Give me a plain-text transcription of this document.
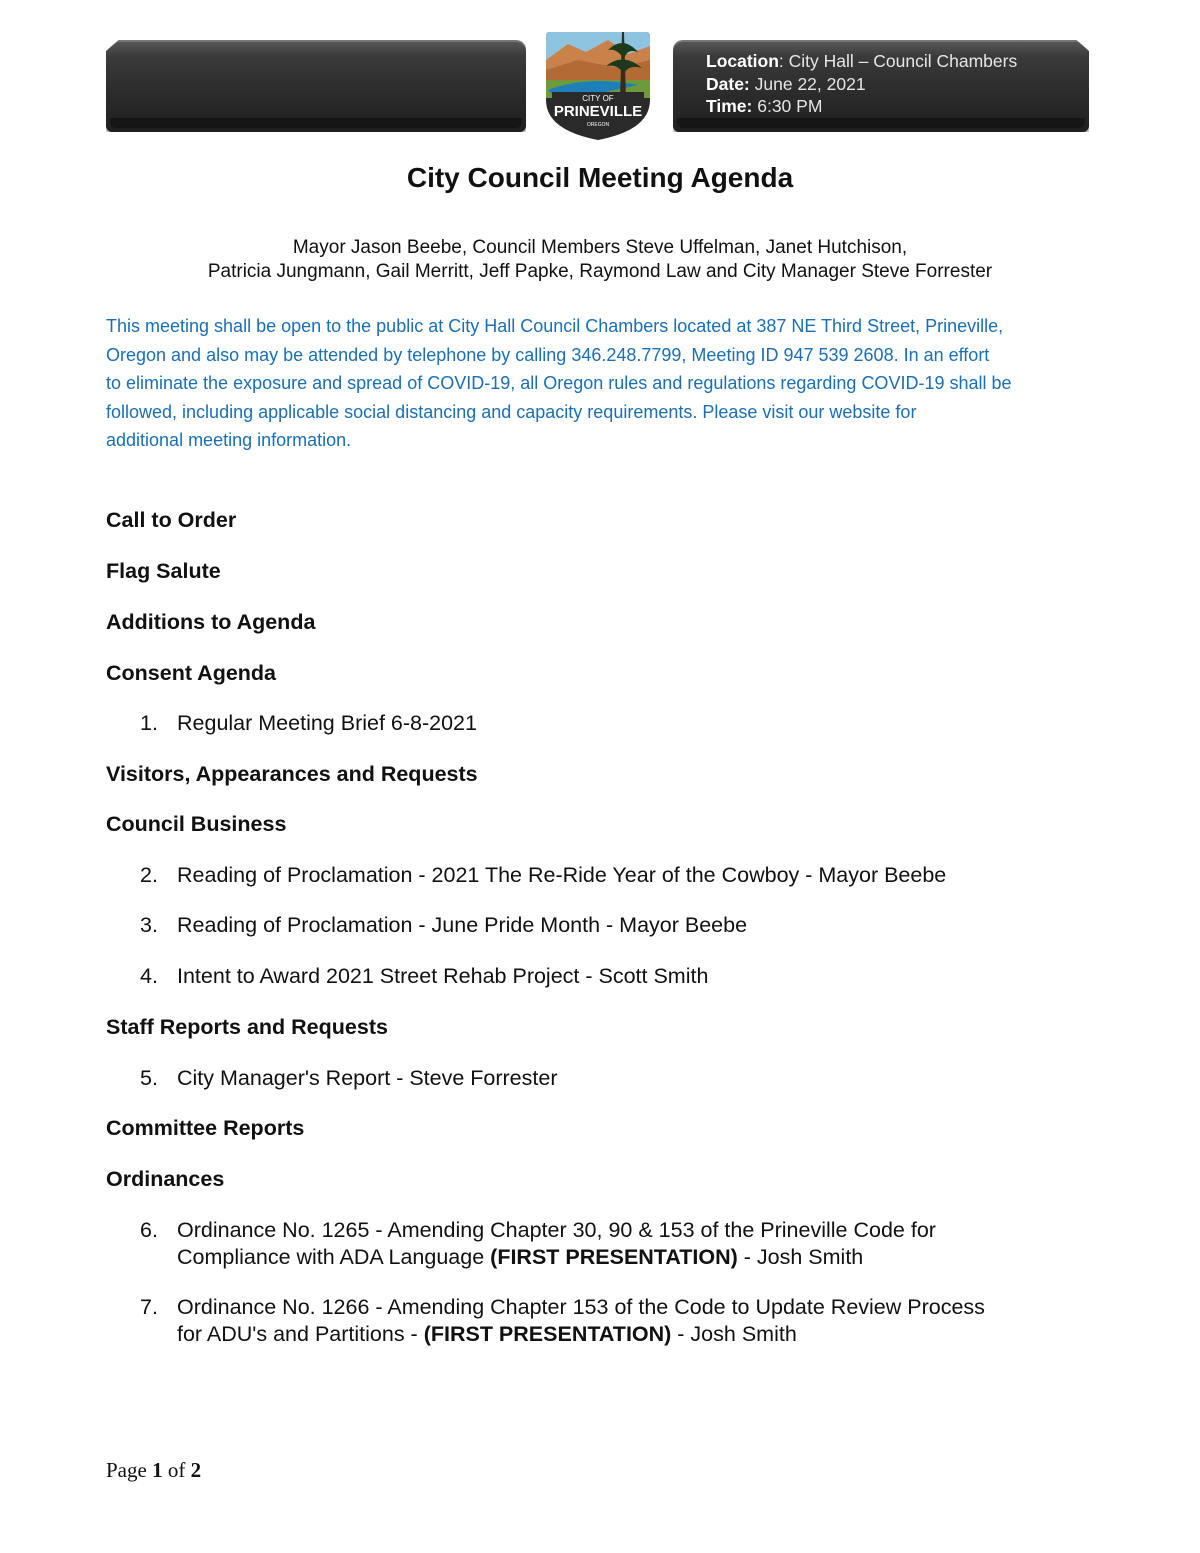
Location: City Hall – Council Chambers
Date: June 22, 2021
Time: 6:30 PM
CITY OF
PRINEVILLE
OREGON
City Council Meeting Agenda
Mayor Jason Beebe, Council Members Steve Uffelman, Janet Hutchison,
Patricia Jungmann, Gail Merritt, Jeff Papke, Raymond Law and City Manager Steve Forrester
This meeting shall be open to the public at City Hall Council Chambers located at 387 NE Third Street, Prineville,
Oregon and also may be attended by telephone by calling 346.248.7799, Meeting ID 947 539 2608. In an effort
to eliminate the exposure and spread of COVID-19, all Oregon rules and regulations regarding COVID-19 shall be
followed, including applicable social distancing and capacity requirements. Please visit our website for
additional meeting information.
Call to Order
Flag Salute
Additions to Agenda
Consent Agenda
1. Regular Meeting Brief 6-8-2021
Visitors, Appearances and Requests
Council Business
2. Reading of Proclamation - 2021 The Re-Ride Year of the Cowboy - Mayor Beebe
3. Reading of Proclamation - June Pride Month - Mayor Beebe
4. Intent to Award 2021 Street Rehab Project - Scott Smith
Staff Reports and Requests
5. City Manager's Report - Steve Forrester
Committee Reports
Ordinances
6. Ordinance No. 1265 - Amending Chapter 30, 90 & 153 of the Prineville Code for
Compliance with ADA Language (FIRST PRESENTATION) - Josh Smith
7. Ordinance No. 1266 - Amending Chapter 153 of the Code to Update Review Process
for ADU's and Partitions - (FIRST PRESENTATION) - Josh Smith
Page 1 of 2
